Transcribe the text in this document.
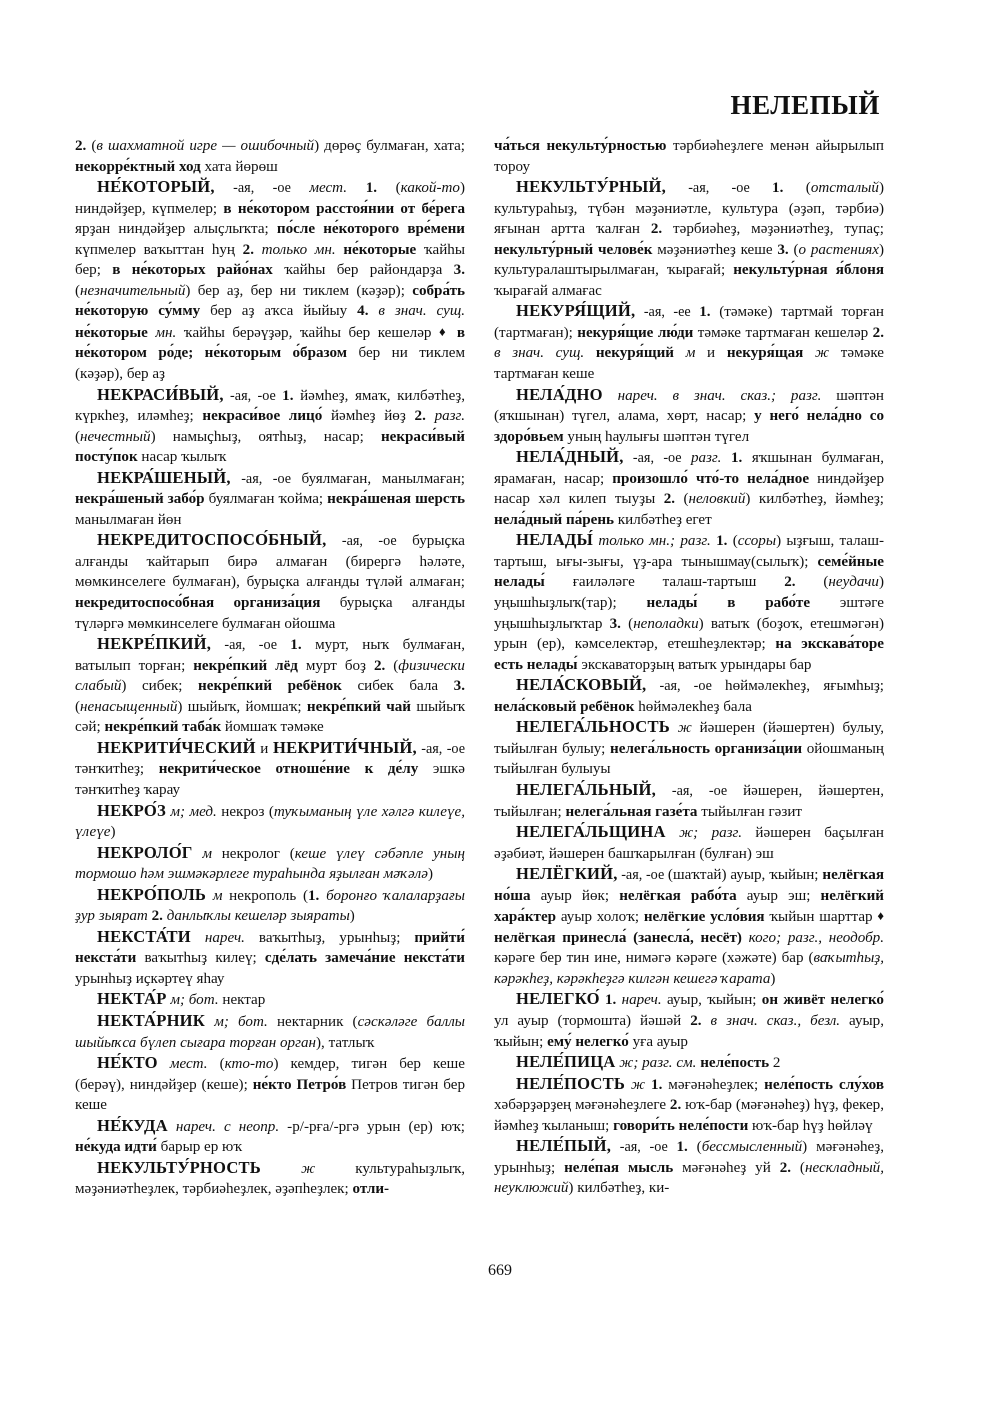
НЕЛЕПЫЙ

2. (в шахматной игре — ошибочный) дөрөҫ булмаған, хата; некорре́ктный ход хата йөрөш

НЕ́КОТОРЫЙ, -ая, -ое мест. 1. (какой-то) ниндәйҙер, күпмелер; в не́котором расстоя́нии от бе́рега ярҙан ниндәйҙер алыҫлыҡта; по́сле не́которого вре́мени күпмелер ваҡыттан һуң 2. только мн. не́которые ҡайһы бер; в не́которых райо́нах ҡайһы бер райондарҙа 3. (незначительный) бер аҙ, бер ни тиклем (кәҙәр); собра́ть не́которую су́мму бер аҙ аҡса йыйыу 4. в знач. сущ. не́которые мн. ҡайһы берәүҙәр, ҡайһы бер кешеләр ♦ в не́котором ро́де; не́которым о́бразом бер ни тиклем (кәҙәр), бер аҙ

НЕКРАСИ́ВЫЙ, -ая, -ое 1. йәмһеҙ, ямаҡ, килбәтһеҙ, күркһеҙ, иләмһеҙ; некраси́вое лицо́ йәмһеҙ йөҙ 2. разг. (нечестный) намыҫһыҙ, оятһыҙ, насар; некраси́вый посту́пок насар ҡылыҡ

НЕКРА́ШЕНЫЙ, -ая, -ое буялмаған, манылмаған; некра́шеный забо́р буялмаған ҡойма; некра́шеная шерсть манылмаған йөн

НЕКРЕДИТОСПОСО́БНЫЙ, -ая, -ое бурыҫка алғанды ҡайтарып бирә алмаған (бирергә һәләте, мөмкинселеге булмаған), бурыҫка алғанды түләй алмаған; некредитоспосо́бная организа́ция бурыҫка алғанды түләргә мөмкинселеге булмаған ойошма

НЕКРЕ́ПКИЙ, -ая, -ое 1. мурт, ныҡ булмаған, ватылып торған; некре́пкий лёд мурт боҙ 2. (физически слабый) сибек; некре́пкий ребёнок сибек бала 3. (ненасыщенный) шыйыҡ, йомшаҡ; некре́пкий чай шыйыҡ сәй; некре́пкий таба́к йомшаҡ тәмәке

НЕКРИТИ́ЧЕСКИЙ и НЕКРИТИ́ЧНЫЙ, -ая, -ое тәнҡитһеҙ; некрити́ческое отноше́ние к де́лу эшкә тәнҡитһеҙ ҡарау

НЕКРО́З м; мед. некроз (туҡыманың үле хәлгә килеүе, үлеүе)

НЕКРОЛО́Г м некролог (кеше үлеү сәбәпле уның тормошо һәм эшмәкәрлеге тураһында яҙылған мәҡәлә)

НЕКРО́ПОЛЬ м некрополь (1. боронғо ҡалаларҙағы ҙур зыярат 2. данлыҡлы кешеләр зыяраты)

НЕКСТА́ТИ нареч. ваҡытһыҙ, урынһыҙ; прийти́ некста́ти ваҡытһыҙ килеү; сде́лать замеча́ние некста́ти урынһыҙ иҫкәртеү яһау

НЕКТА́Р м; бот. нектар

НЕКТА́РНИК м; бот. нектарник (сәскәләге баллы шыйыҡса бүлеп сығара торған орган), татлыҡ

НЕ́КТО мест. (кто-то) кемдер, тигән бер кеше (берәү), ниндәйҙер (кеше); не́кто Петро́в Петров тигән бер кеше

НЕ́КУДА нареч. с неопр. -р/-рға/-ргә урын (ер) юҡ; не́куда идти́ барыр ер юҡ

НЕКУЛЬТУ́РНОСТЬ	ж культураһыҙлыҡ, мәҙәниәтһеҙлек, тәрбиәһеҙлек, әҙәпһеҙлек; отли-

ча́ться некульту́рностью тәрбиәһеҙлеге менән айырылып тороу

НЕКУЛЬТУ́РНЫЙ, -ая, -ое 1. (отсталый) культураһыҙ, түбән мәҙәниәтле, культура (әҙәп, тәрбиә) яғынан артта ҡалған 2. тәрбиәһеҙ, мәҙәниәтһеҙ, тупаҫ; некульту́рный челове́к мәҙәниәтһеҙ кеше 3. (о растениях) культуралаштырылмаған, ҡырағай; некульту́рная я́блоня ҡырағай алмағас

НЕКУРЯ́ЩИЙ, -ая, -ее 1. (тәмәке) тартмай торған (тартмаған); некуря́щие лю́ди тәмәке тартмаған кешеләр 2. в знач. сущ. некуря́щий м и некуря́щая ж тәмәке тартмаған кеше

НЕЛА́ДНО нареч. в знач. сказ.; разг. шәптән (яҡшынан) түгел, алама, хөрт, насар; у него́ нела́дно со здоро́вьем уның һаулығы шәптән түгел

НЕЛА́ДНЫЙ, -ая, -ое разг. 1. яҡшынан булмаған, ярамаған, насар; произошло́ что́-то нела́дное ниндәйҙер насар хәл килеп тыуҙы 2. (неловкий) килбәтһеҙ, йәмһеҙ; нела́дный па́рень килбәтһеҙ егет

НЕЛАДЫ́ только мн.; разг. 1. (ссоры) ыҙғыш, талаш-тартыш, ығы-зығы, үҙ-ара тынышмау(сылыҡ); семе́йные нелады́ ғаиләләге талаш-тартыш 2. (неудачи) уңышһыҙлыҡ(тар); нелады́ в рабо́те эштәге уңышһыҙлыҡтар 3. (неполадки) ватыҡ (боҙоҡ, етешмәгән) урын (ер), кәмселектәр, етешһеҙлектәр; на экскава́торе есть нелады́ экскаваторҙың ватыҡ урындары бар

НЕЛА́СКОВЫЙ, -ая, -ое һөймәлекһеҙ, яғымһыҙ; нела́сковый ребёнок һөймәлекһеҙ бала

НЕЛЕГА́ЛЬНОСТЬ ж йәшерен (йәшертен) булыу, тыйылған булыу; нелега́льность организа́ции ойошманың тыйылған булыуы

НЕЛЕГА́ЛЬНЫЙ, -ая, -ое йәшерен, йәшертен, тыйылған; нелега́льная газе́та тыйылған гәзит

НЕЛЕГА́ЛЬЩИНА ж; разг. йәшерен баҫылған әҙәбиәт, йәшерен башҡарылған (булған) эш

НЕЛЁГКИЙ, -ая, -ое (шаҡтай) ауыр, ҡыйын; нелёгкая но́ша ауыр йөк; нелёгкая рабо́та ауыр эш; нелёгкий хара́ктер ауыр холоҡ; нелёгкие усло́вия ҡыйын шарттар ♦ нелёгкая принесла́ (занесла́, несёт) кого; разг., неодобр. кәрәге бер тин ине, нимәгә кәрәге (хәжәте) бар (ваҡытһыҙ, кәрәкһеҙ, кәрәкһеҙгә килгән кешегә ҡарата)

НЕЛЕГКО́ 1. нареч. ауыр, ҡыйын; он живёт нелегко́ ул ауыр (тормошта) йәшәй 2. в знач. сказ., безл. ауыр, ҡыйын; ему́ нелегко́ уға ауыр

НЕЛЕ́ПИЦА ж; разг. см. неле́пость 2

НЕЛЕ́ПОСТЬ ж 1. мәғәнәһеҙлек; неле́пость слу́хов хәбәрҙәрҙең мәғәнәһеҙлеге 2. юҡ-бар (мәғәнәһеҙ) һүҙ, фекер, йәмһеҙ ҡыланыш; говори́ть неле́пости юҡ-бар һүҙ һөйләү

НЕЛЕ́ПЫЙ, -ая, -ое 1. (бессмысленный) мәғәнәһеҙ, урынһыҙ; неле́пая мысль мәғәнәһеҙ уй 2. (нескладный, неуклюжий) килбәтһеҙ, ки-

669
